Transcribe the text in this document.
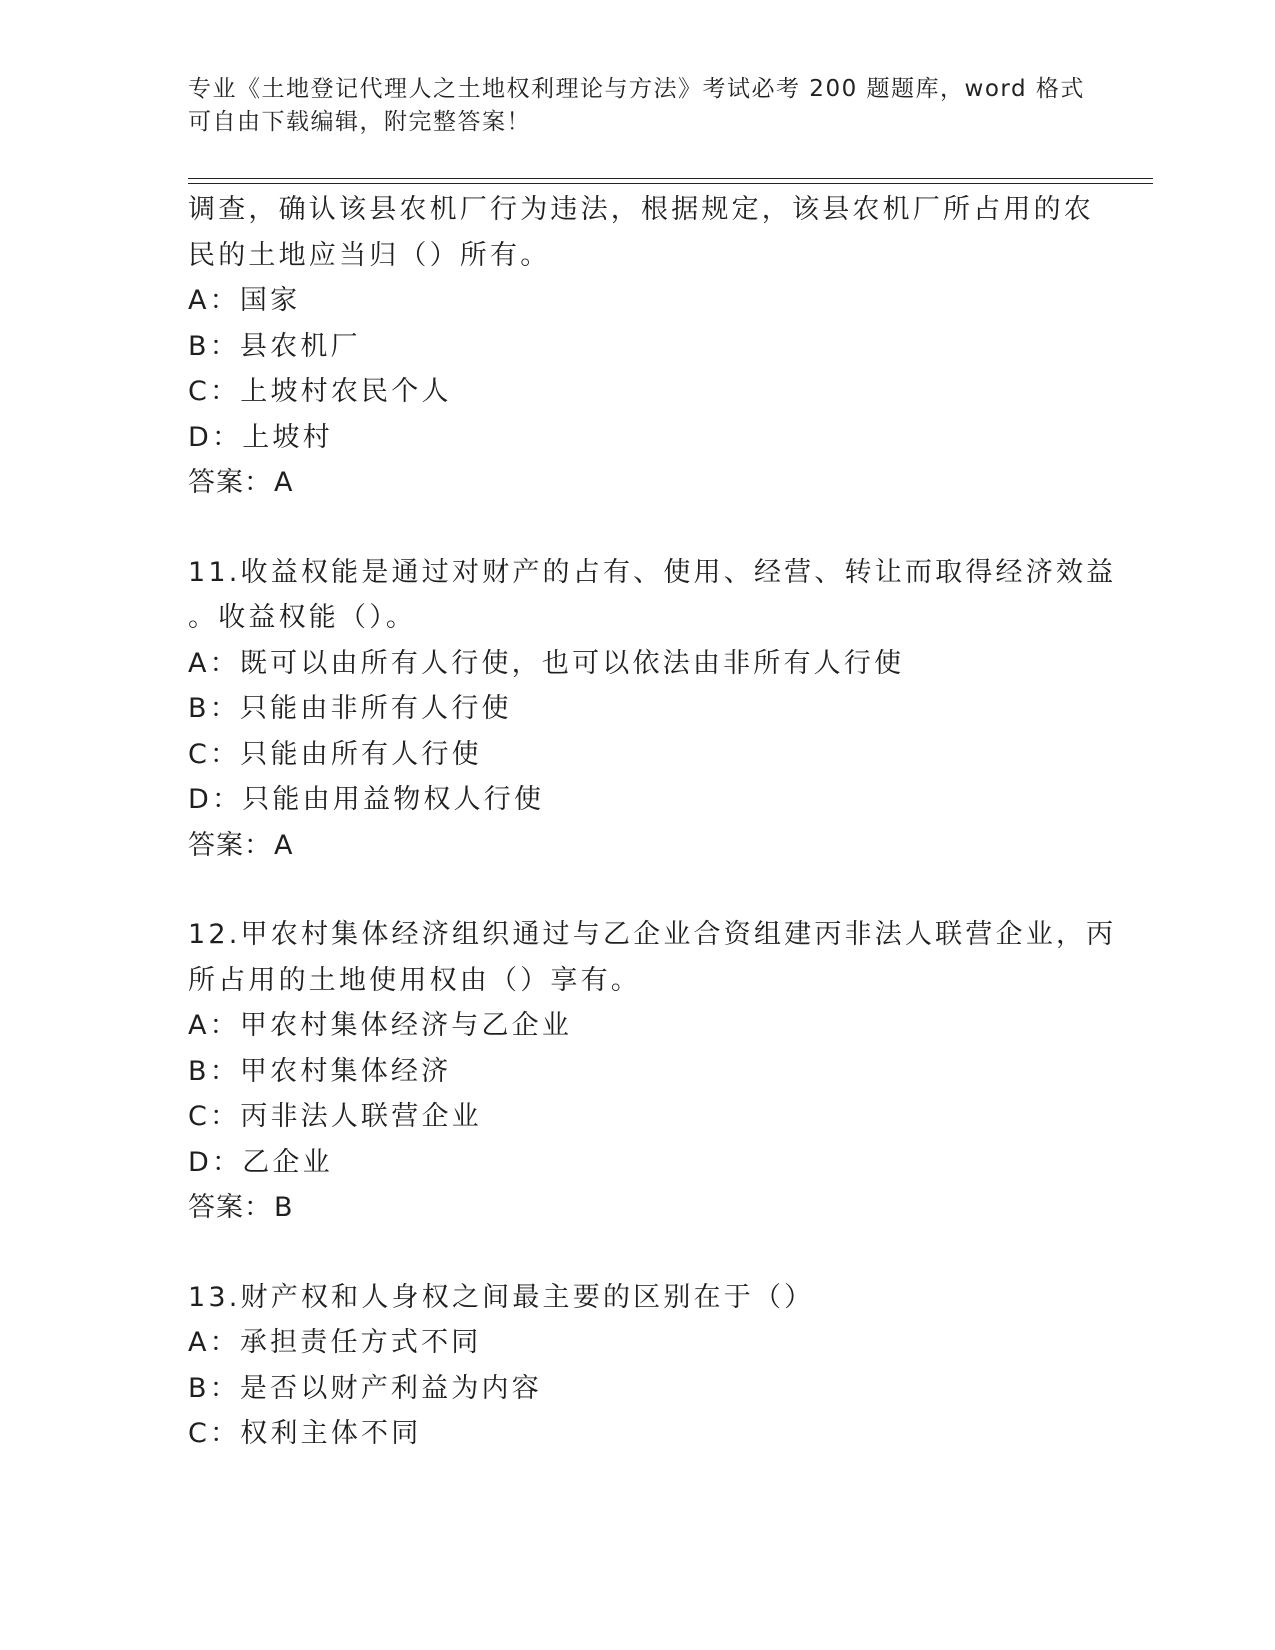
专业《土地登记代理人之土地权利理论与方法》考试必考 200 题题库，word 格式
可自由下载编辑，附完整答案！
调查，确认该县农机厂行为违法，根据规定，该县农机厂所占用的农
民的土地应当归（）所有。
A：国家
B：县农机厂
C：上坡村农民个人
D：上坡村
答案：A
11.收益权能是通过对财产的占有、使用、经营、转让而取得经济效益
。收益权能（）。
A：既可以由所有人行使，也可以依法由非所有人行使
B：只能由非所有人行使
C：只能由所有人行使
D：只能由用益物权人行使
答案：A
12.甲农村集体经济组织通过与乙企业合资组建丙非法人联营企业，丙
所占用的土地使用权由（）享有。
A：甲农村集体经济与乙企业
B：甲农村集体经济
C：丙非法人联营企业
D：乙企业
答案：B
13.财产权和人身权之间最主要的区别在于（）
A：承担责任方式不同
B：是否以财产利益为内容
C：权利主体不同
